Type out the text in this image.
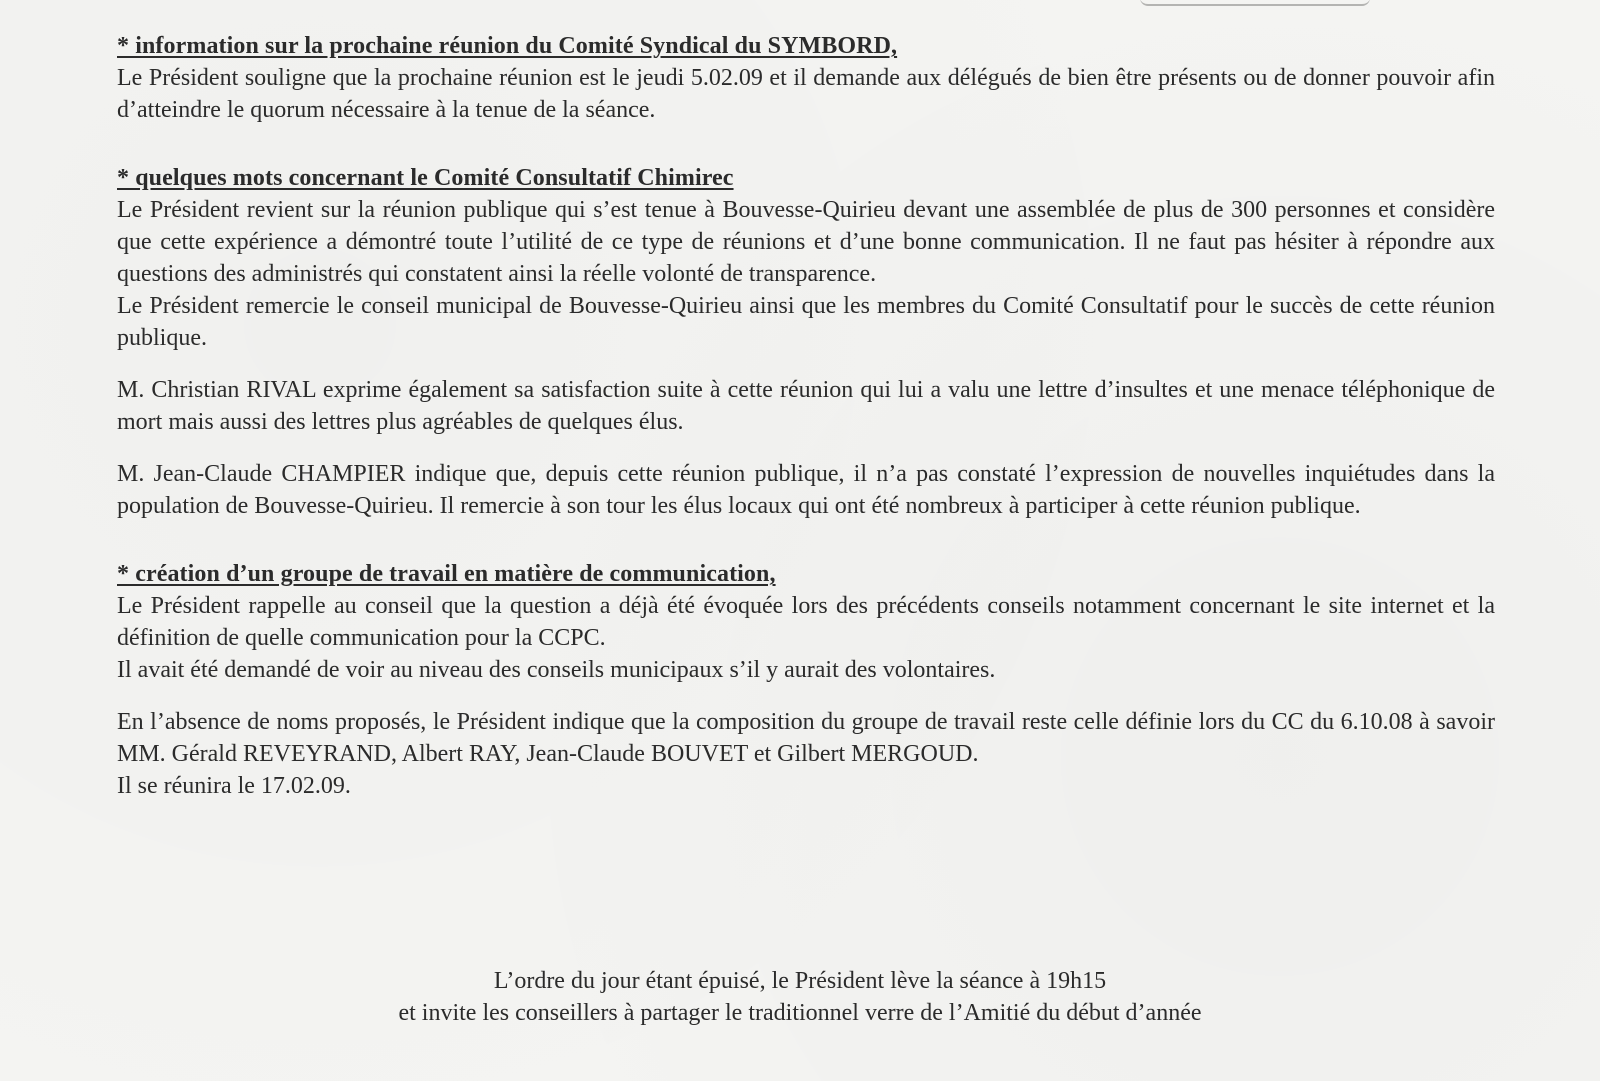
* information sur la prochaine réunion du Comité Syndical du SYMBORD,

Le Président souligne que la prochaine réunion est le jeudi 5.02.09 et il demande aux délégués de bien être présents ou de donner pouvoir afin d’atteindre le quorum nécessaire à la tenue de la séance.

* quelques mots concernant le Comité Consultatif Chimirec

Le Président revient sur la réunion publique qui s’est tenue à Bouvesse-Quirieu devant une assemblée de plus de 300 personnes et considère que cette expérience a démontré toute l’utilité de ce type de réunions et d’une bonne communication. Il ne faut pas hésiter à répondre aux questions des administrés qui constatent ainsi la réelle volonté de transparence.

Le Président remercie le conseil municipal de Bouvesse-Quirieu ainsi que les membres du Comité Consultatif pour le succès de cette réunion publique.

M. Christian RIVAL exprime également sa satisfaction suite à cette réunion qui lui a valu une lettre d’insultes et une menace téléphonique de mort mais aussi des lettres plus agréables de quelques élus.

M. Jean-Claude CHAMPIER indique que, depuis cette réunion publique, il n’a pas constaté l’expression de nouvelles inquiétudes dans la population de Bouvesse-Quirieu. Il remercie à son tour les élus locaux qui ont été nombreux à participer à cette réunion publique.

* création d’un groupe de travail en matière de communication,

Le Président rappelle au conseil que la question a déjà été évoquée lors des précédents conseils notamment concernant le site internet et la définition de quelle communication pour la CCPC.

Il avait été demandé de voir au niveau des conseils municipaux s’il y aurait des volontaires.

En l’absence de noms proposés, le Président indique que la composition du groupe de travail reste celle définie lors du CC du 6.10.08 à savoir MM. Gérald REVEYRAND, Albert RAY, Jean-Claude BOUVET et Gilbert MERGOUD.

Il se réunira le 17.02.09.

L’ordre du jour étant épuisé, le Président lève la séance à 19h15

et invite les conseillers à partager le traditionnel verre de l’Amitié du début d’année
